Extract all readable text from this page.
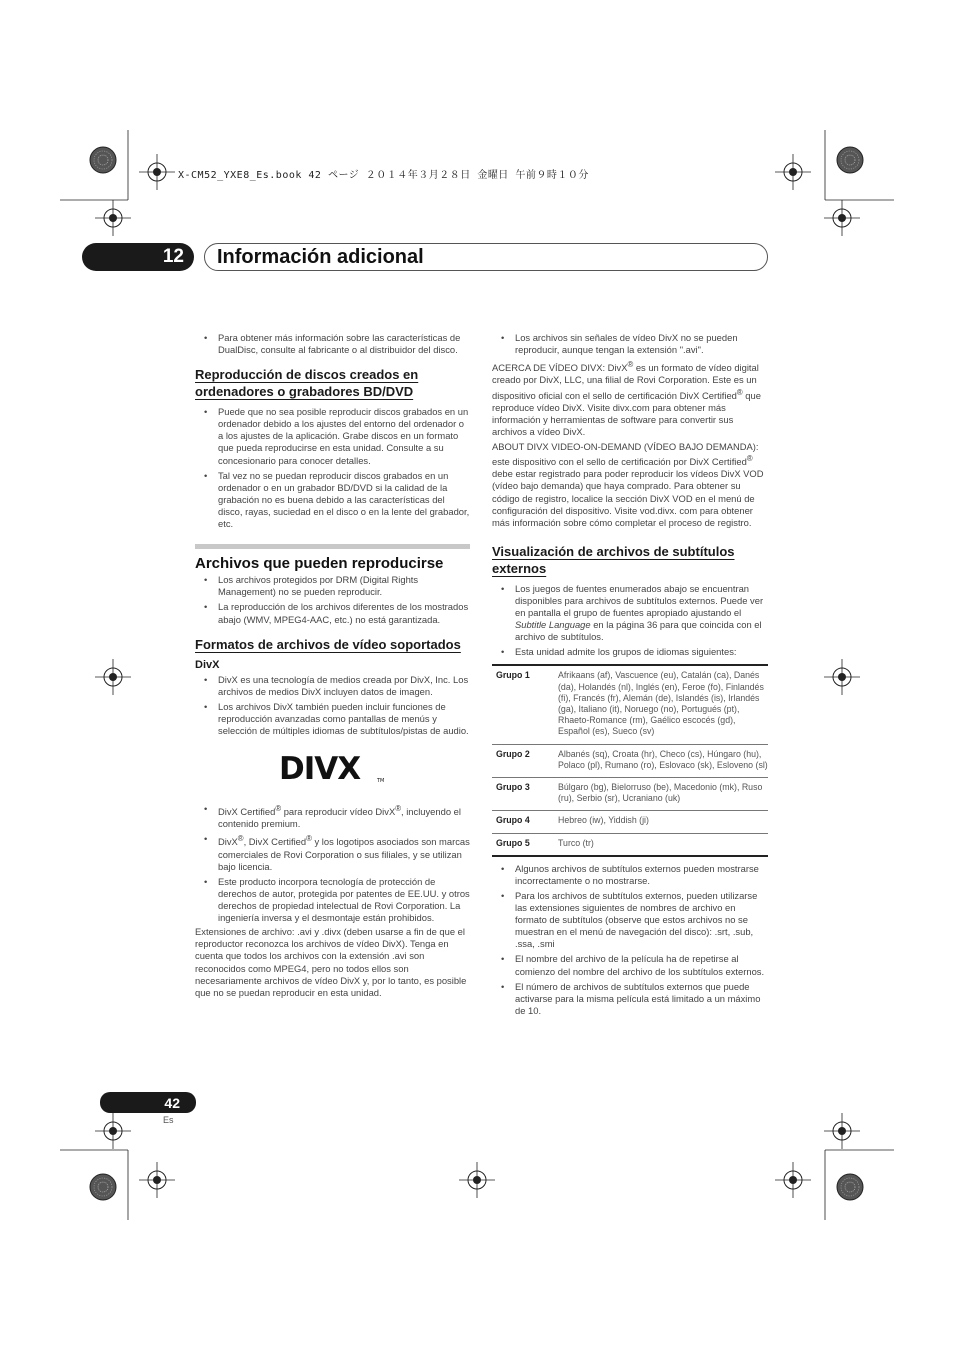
X-CM52_YXE8_Es.book 42 ページ ２０１４年３月２８日 金曜日 午前９時１０分
12	Información adicional
• Para obtener más información sobre las características de DualDisc, consulte al fabricante o al distribuidor del disco.
Reproducción de discos creados en ordenadores o grabadores BD/DVD
• Puede que no sea posible reproducir discos grabados en un ordenador debido a los ajustes del entorno del ordenador o a los ajustes de la aplicación. Grabe discos en un formato que pueda reproducirse en esta unidad. Consulte a su concesionario para conocer detalles.
• Tal vez no se puedan reproducir discos grabados en un ordenador o en un grabador BD/DVD si la calidad de la grabación no es buena debido a las características del disco, rayas, suciedad en el disco o en la lente del grabador, etc.
Archivos que pueden reproducirse
• Los archivos protegidos por DRM (Digital Rights Management) no se pueden reproducir.
• La reproducción de los archivos diferentes de los mostrados abajo (WMV, MPEG4-AAC, etc.) no está garantizada.
Formatos de archivos de vídeo soportados
DivX
• DivX es una tecnología de medios creada por DivX, Inc. Los archivos de medios DivX incluyen datos de imagen.
• Los archivos DivX también pueden incluir funciones de reproducción avanzadas como pantallas de menús y selección de múltiples idiomas de subtítulos/pistas de audio.
DIVX	TM
• DivX Certified® para reproducir vídeo DivX®, incluyendo el contenido premium.
• DivX®, DivX Certified® y los logotipos asociados son marcas comerciales de Rovi Corporation o sus filiales, y se utilizan bajo licencia.
• Este producto incorpora tecnología de protección de derechos de autor, protegida por patentes de EE.UU. y otros derechos de propiedad intelectual de Rovi Corporation. La ingeniería inversa y el desmontaje están prohibidos.

Extensiones de archivo: .avi y .divx (deben usarse a fin de que el reproductor reconozca los archivos de vídeo DivX). Tenga en cuenta que todos los archivos con la extensión .avi son reconocidos como MPEG4, pero no todos ellos son necesariamente archivos de vídeo DivX y, por lo tanto, es posible que no se puedan reproducir en esta unidad.

• Los archivos sin señales de vídeo DivX no se pueden reproducir, aunque tengan la extensión ".avi".

ACERCA DE VÍDEO DIVX: DivX® es un formato de vídeo digital creado por DivX, LLC, una filial de Rovi Corporation. Este es un dispositivo oficial con el sello de certificación DivX Certified® que reproduce vídeo DivX. Visite divx.com para obtener más información y herramientas de software para convertir sus archivos a vídeo DivX.

ABOUT DIVX VIDEO-ON-DEMAND (VÍDEO BAJO DEMANDA): este dispositivo con el sello de certificación por DivX Certified® debe estar registrado para poder reproducir los vídeos DivX VOD (vídeo bajo demanda) que haya comprado. Para obtener su código de registro, localice la sección DivX VOD en el menú de configuración del dispositivo. Visite vod.divx. com para obtener más información sobre cómo completar el proceso de registro.

Visualización de archivos de subtítulos externos
• Los juegos de fuentes enumerados abajo se encuentran disponibles para archivos de subtítulos externos. Puede ver en pantalla el grupo de fuentes apropiado ajustando el Subtitle Language en la página 36 para que coincida con el archivo de subtítulos.
• Esta unidad admite los grupos de idiomas siguientes:
Grupo 1	Afrikaans (af), Vascuence (eu), Catalán (ca), Danés (da), Holandés (nl), Inglés (en), Feroe (fo), Finlandés (fi), Francés (fr), Alemán (de), Islandés (is), Irlandés (ga), Italiano (it), Noruego (no), Portugués (pt), Rhaeto-Romance (rm), Gaélico escocés (gd), Español (es), Sueco (sv)
Grupo 2	Albanés (sq), Croata (hr), Checo (cs), Húngaro (hu), Polaco (pl), Rumano (ro), Eslovaco (sk), Esloveno (sl)
Grupo 3	Búlgaro (bg), Bielorruso (be), Macedonio (mk), Ruso (ru), Serbio (sr), Ucraniano (uk)
Grupo 4	Hebreo (iw), Yiddish (ji)
Grupo 5	Turco (tr)
• Algunos archivos de subtítulos externos pueden mostrarse incorrectamente o no mostrarse.
• Para los archivos de subtítulos externos, pueden utilizarse las extensiones siguientes de nombres de archivo en formato de subtítulos (observe que estos archivos no se muestran en el menú de navegación del disco): .srt, .sub, .ssa, .smi
• El nombre del archivo de la película ha de repetirse al comienzo del nombre del archivo de los subtítulos externos.
• El número de archivos de subtítulos externos que puede activarse para la misma película está limitado a un máximo de 10.
42
Es
